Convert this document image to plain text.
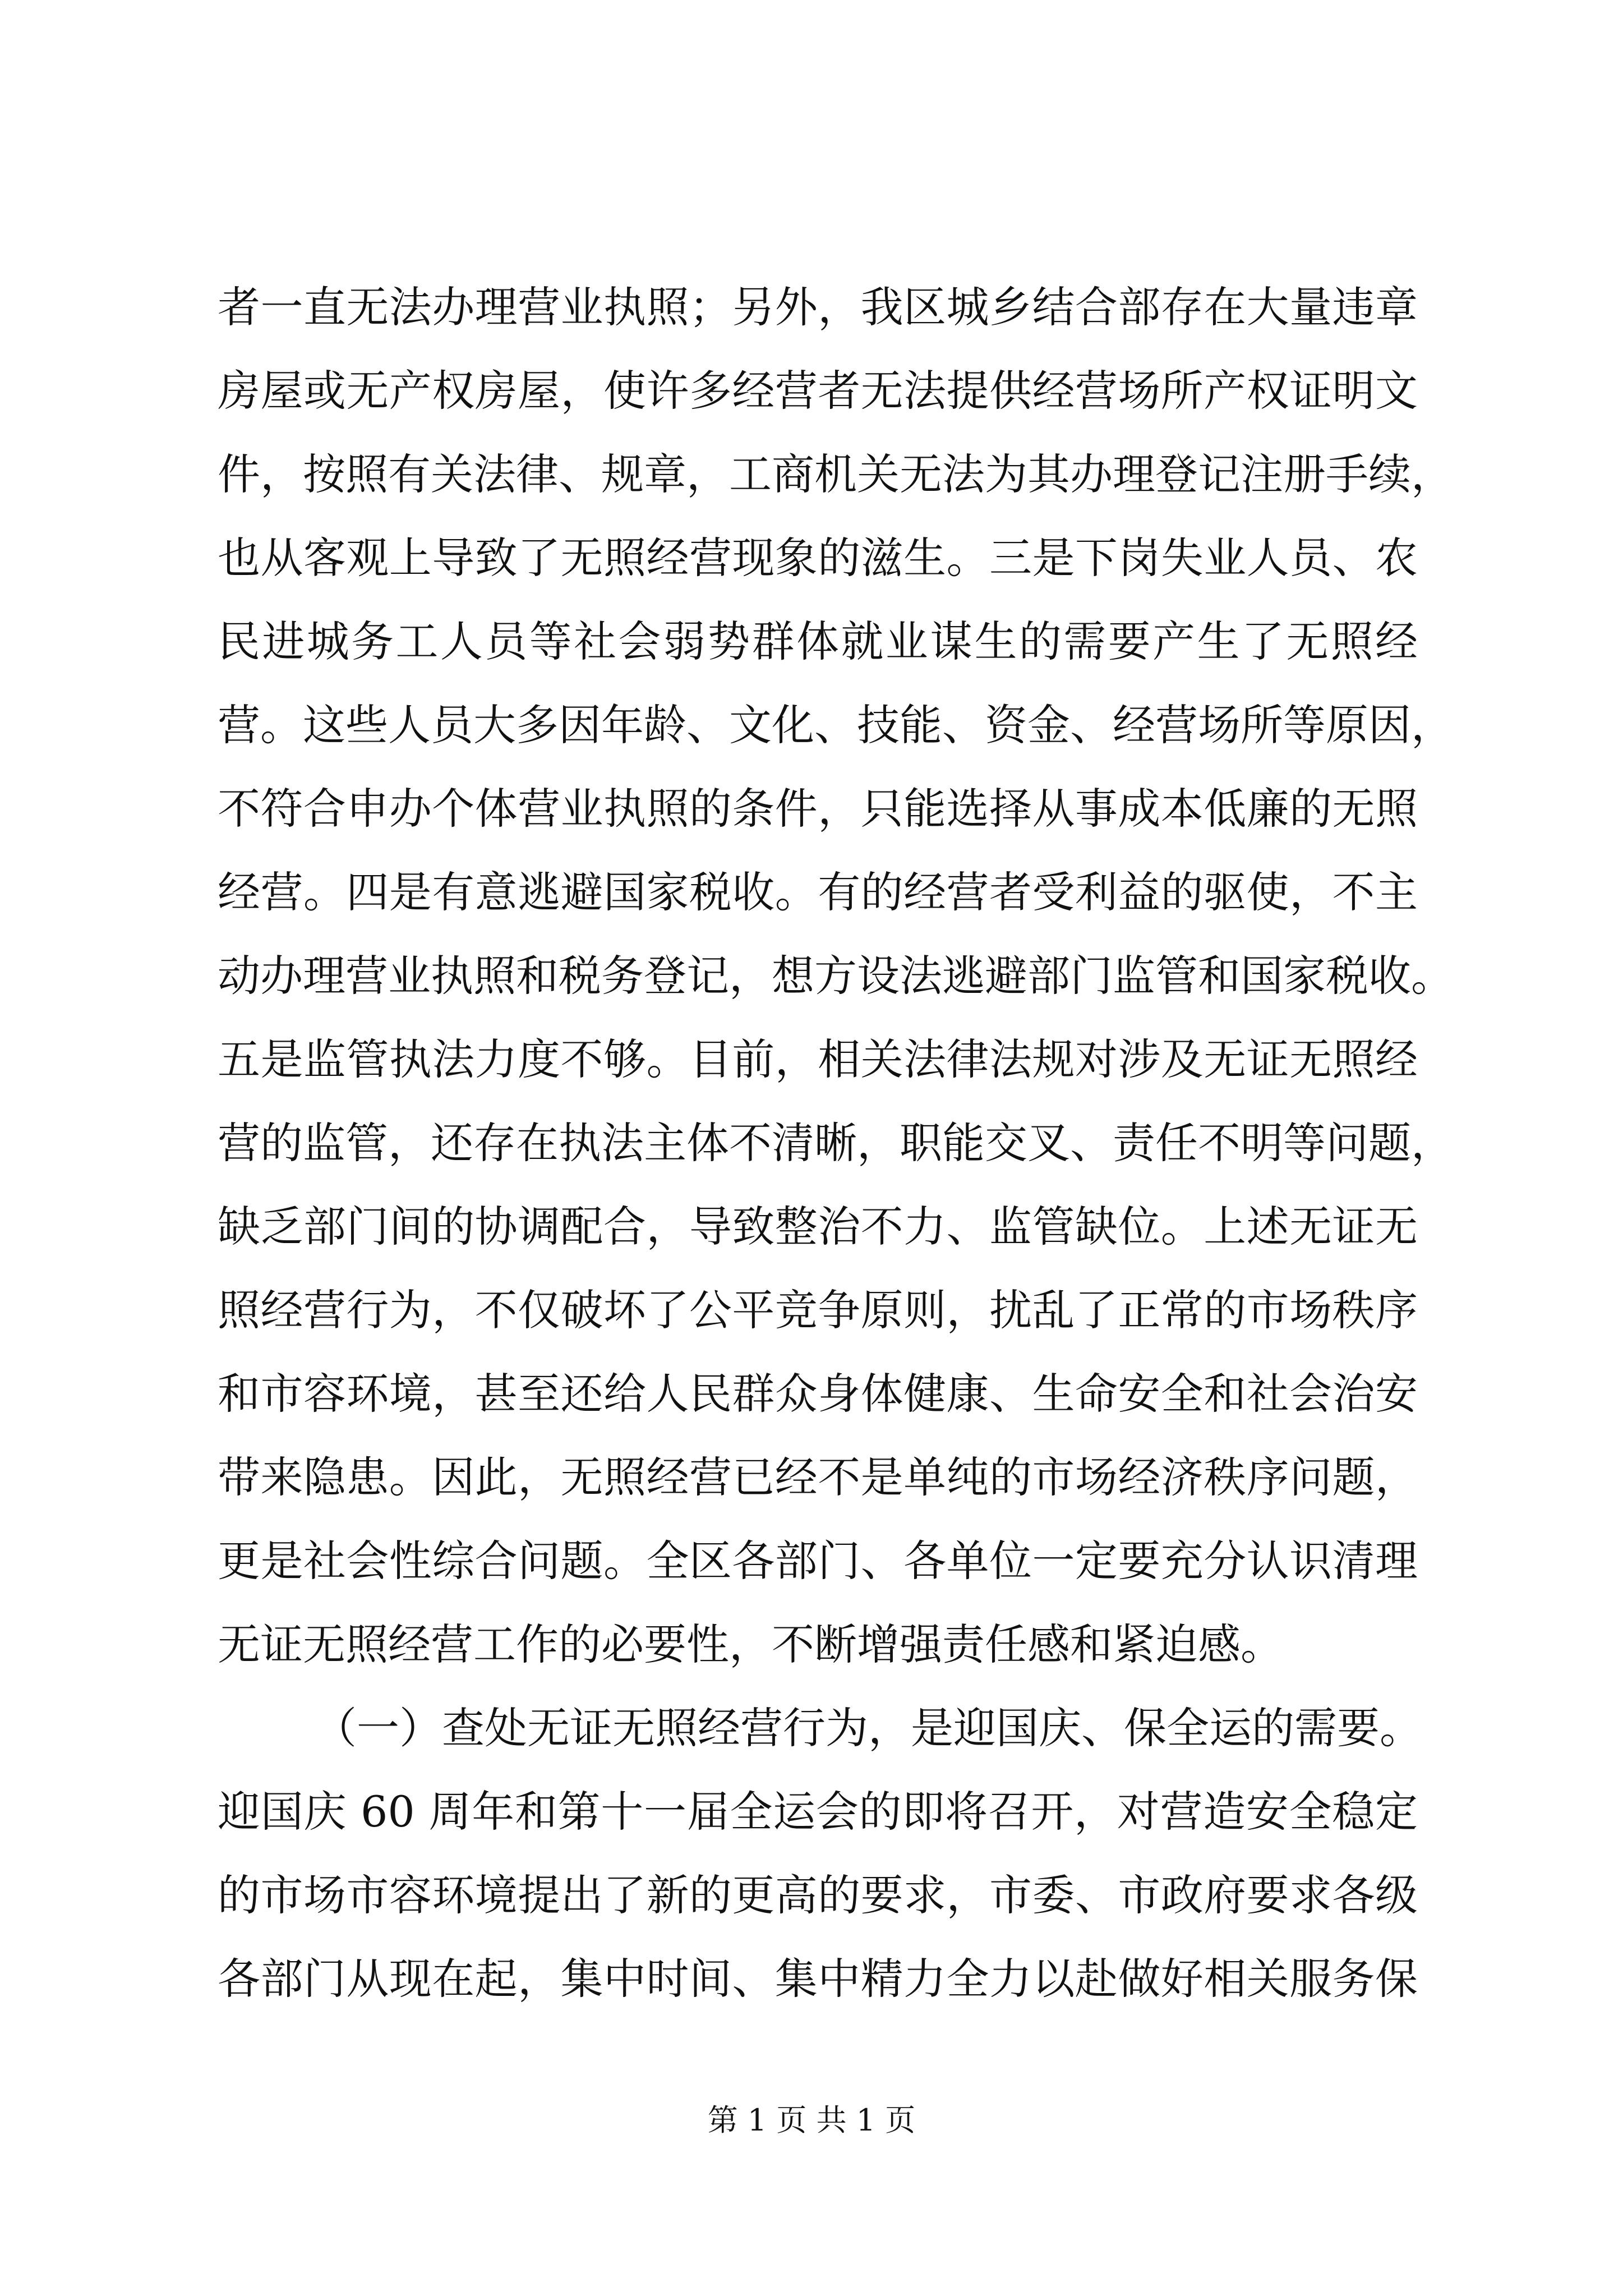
者一直无法办理营业执照；另外，我区城乡结合部存在大量违章
房屋或无产权房屋，使许多经营者无法提供经营场所产权证明文
件，按照有关法律、规章，工商机关无法为其办理登记注册手续，
也从客观上导致了无照经营现象的滋生。三是下岗失业人员、农
民进城务工人员等社会弱势群体就业谋生的需要产生了无照经
营。这些人员大多因年龄、文化、技能、资金、经营场所等原因，
不符合申办个体营业执照的条件，只能选择从事成本低廉的无照
经营。四是有意逃避国家税收。有的经营者受利益的驱使，不主
动办理营业执照和税务登记，想方设法逃避部门监管和国家税收。
五是监管执法力度不够。目前，相关法律法规对涉及无证无照经
营的监管，还存在执法主体不清晰，职能交叉、责任不明等问题，
缺乏部门间的协调配合，导致整治不力、监管缺位。上述无证无
照经营行为，不仅破坏了公平竞争原则，扰乱了正常的市场秩序
和市容环境，甚至还给人民群众身体健康、生命安全和社会治安
带来隐患。因此，无照经营已经不是单纯的市场经济秩序问题，
更是社会性综合问题。全区各部门、各单位一定要充分认识清理
无证无照经营工作的必要性，不断增强责任感和紧迫感。
（一）查处无证无照经营行为，是迎国庆、保全运的需要。
迎国庆 60 周年和第十一届全运会的即将召开，对营造安全稳定
的市场市容环境提出了新的更高的要求，市委、市政府要求各级
各部门从现在起，集中时间、集中精力全力以赴做好相关服务保
第 1 页 共 1 页
